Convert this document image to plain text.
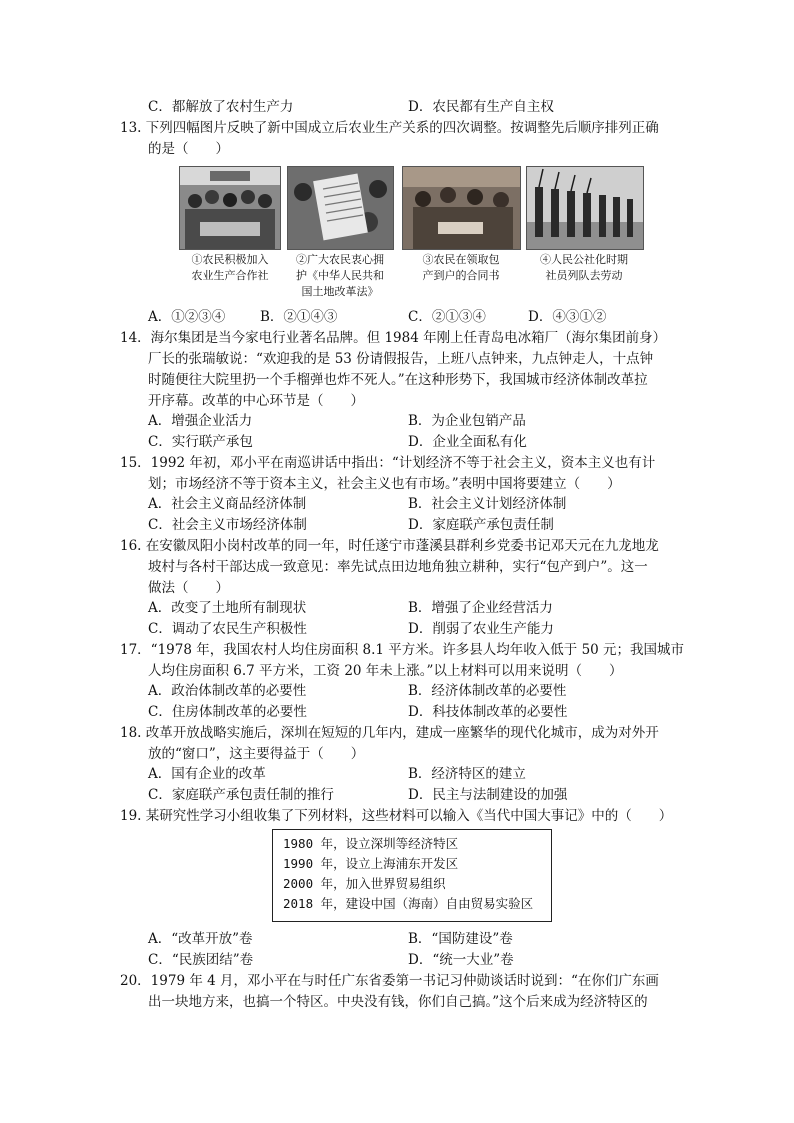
C．都解放了农村生产力	D．农民都有生产自主权
13. 下列四幅图片反映了新中国成立后农业生产关系的四次调整。按调整先后顺序排列正确
的是（　　）
①农民积极加入
农业生产合作社
②广大农民衷心拥
护《中华人民共和
国土地改革法》
③农民在领取包
产到户的合同书
④人民公社化时期
社员列队去劳动
A．①②③④	B．②①④③	C．②①③④	D．④③①②
14．海尔集团是当今家电行业著名品牌。但 1984 年刚上任青岛电冰箱厂（海尔集团前身）
厂长的张瑞敏说：“欢迎我的是 53 份请假报告，上班八点钟来，九点钟走人，十点钟
时随便往大院里扔一个手榴弹也炸不死人。”在这种形势下，我国城市经济体制改革拉
开序幕。改革的中心环节是（　　）
A．增强企业活力	B．为企业包销产品
C．实行联产承包	D．企业全面私有化
15．1992 年初，邓小平在南巡讲话中指出：“计划经济不等于社会主义，资本主义也有计
划；市场经济不等于资本主义，社会主义也有市场。”表明中国将要建立（　　）
A．社会主义商品经济体制	B．社会主义计划经济体制
C．社会主义市场经济体制	D．家庭联产承包责任制
16. 在安徽凤阳小岗村改革的同一年，时任遂宁市蓬溪县群利乡党委书记邓天元在九龙地龙
坡村与各村干部达成一致意见：率先试点田边地角独立耕种，实行“包产到户”。这一
做法（　　）
A．改变了土地所有制现状	B．增强了企业经营活力
C．调动了农民生产积极性	D．削弱了农业生产能力
17．“1978 年，我国农村人均住房面积 8.1 平方米。许多县人均年收入低于 50 元；我国城市
人均住房面积 6.7 平方米，工资 20 年未上涨。”以上材料可以用来说明（　　）
A．政治体制改革的必要性	B．经济体制改革的必要性
C．住房体制改革的必要性	D．科技体制改革的必要性
18. 改革开放战略实施后，深圳在短短的几年内，建成一座繁华的现代化城市，成为对外开
放的“窗口”，这主要得益于（　　）
A．国有企业的改革	B．经济特区的建立
C．家庭联产承包责任制的推行	D．民主与法制建设的加强
19. 某研究性学习小组收集了下列材料，这些材料可以输入《当代中国大事记》中的（　　）
1980 年，设立深圳等经济特区
1990 年，设立上海浦东开发区
2000 年，加入世界贸易组织
2018 年，建设中国（海南）自由贸易实验区
A．“改革开放”卷	B．“国防建设”卷
C．“民族团结”卷	D．“统一大业”卷
20．1979 年 4 月，邓小平在与时任广东省委第一书记习仲勋谈话时说到：“在你们广东画
出一块地方来，也搞一个特区。中央没有钱，你们自己搞。”这个后来成为经济特区的
